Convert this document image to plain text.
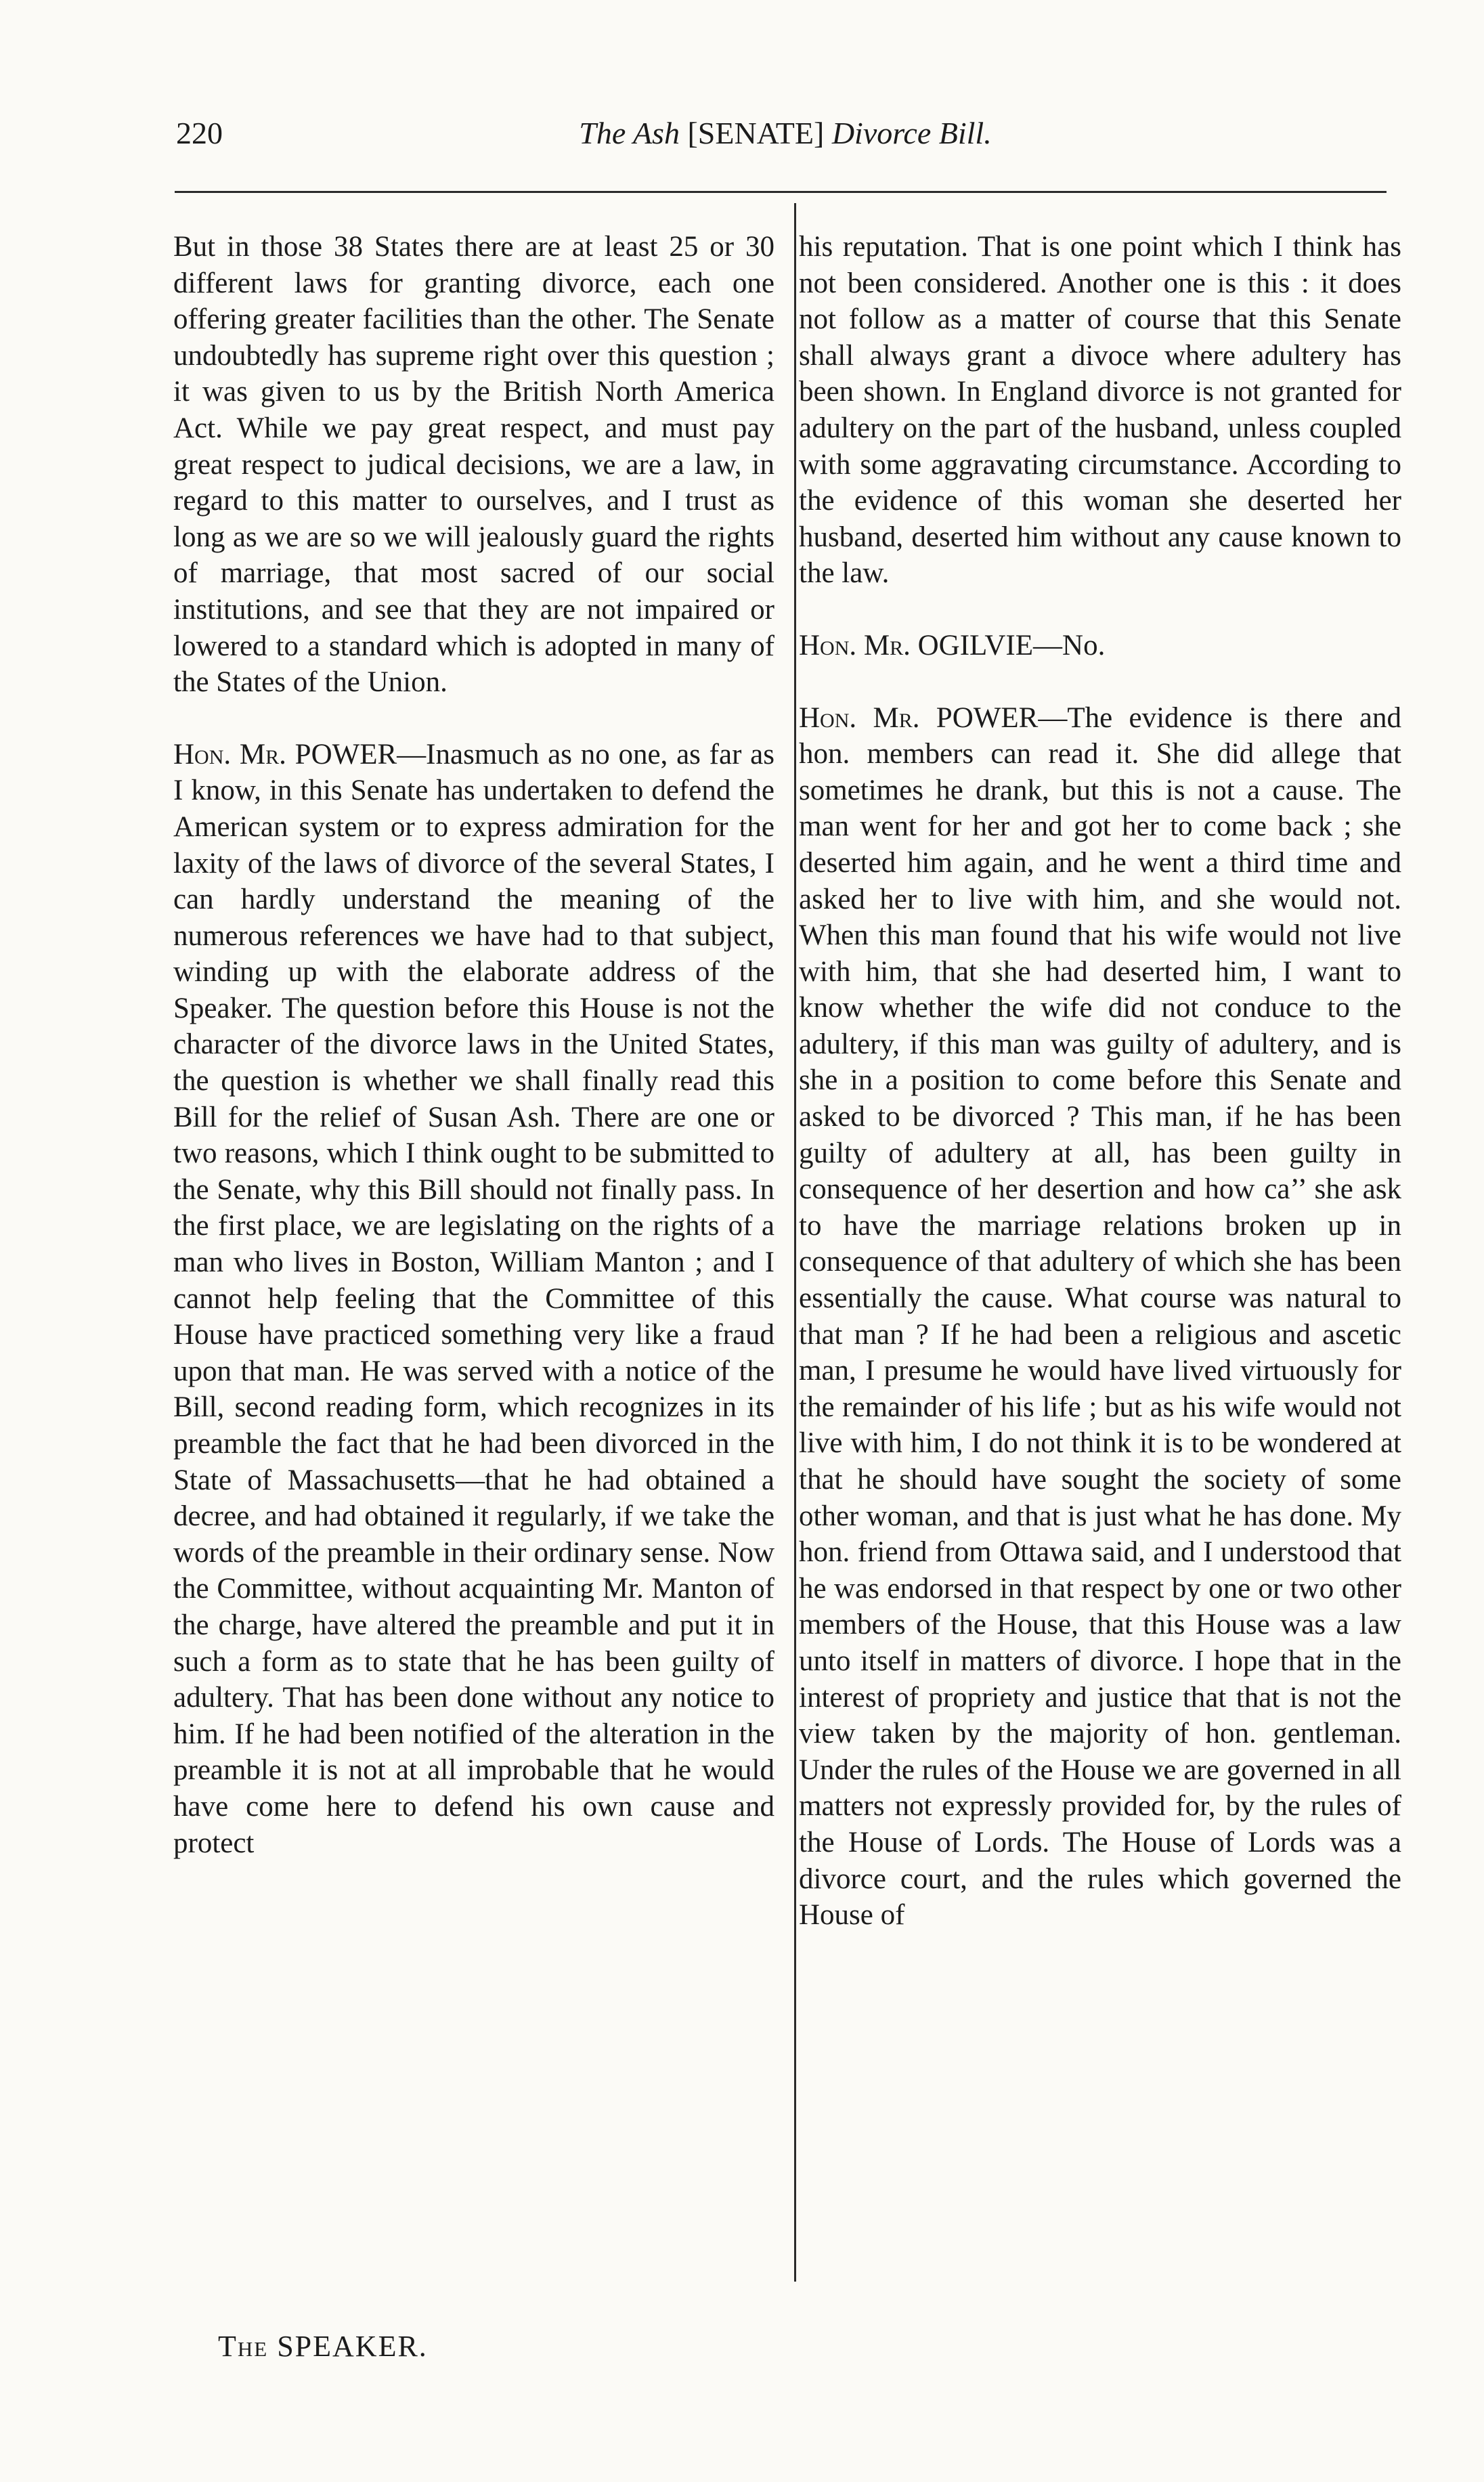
220	The Ash [SENATE] Divorce Bill.

But in those 38 States there are at least 25 or 30 different laws for granting divorce, each one offering greater facilities than the other. The Senate undoubtedly has supreme right over this question ; it was given to us by the British North America Act. While we pay great respect, and must pay great respect to judical decisions, we are a law, in regard to this matter to ourselves, and I trust as long as we are so we will jealously guard the rights of marriage, that most sacred of our social institutions, and see that they are not impaired or lowered to a standard which is adopted in many of the States of the Union.

Hon. Mr. POWER—Inasmuch as no one, as far as I know, in this Senate has undertaken to defend the American system or to express admiration for the laxity of the laws of divorce of the several States, I can hardly understand the meaning of the numerous references we have had to that subject, winding up with the elaborate address of the Speaker. The question before this House is not the character of the divorce laws in the United States, the question is whether we shall finally read this Bill for the relief of Susan Ash. There are one or two reasons, which I think ought to be submitted to the Senate, why this Bill should not finally pass. In the first place, we are legislating on the rights of a man who lives in Boston, William Manton ; and I cannot help feeling that the Committee of this House have practiced something very like a fraud upon that man. He was served with a notice of the Bill, second reading form, which recognizes in its preamble the fact that he had been divorced in the State of Massachusetts—that he had obtained a decree, and had obtained it regularly, if we take the words of the preamble in their ordinary sense. Now the Committee, without acquainting Mr. Manton of the charge, have altered the preamble and put it in such a form as to state that he has been guilty of adultery. That has been done without any notice to him. If he had been notified of the alteration in the preamble it is not at all improbable that he would have come here to defend his own cause and protect

his reputation. That is one point which I think has not been considered. Another one is this : it does not follow as a matter of course that this Senate shall always grant a divoce where adultery has been shown. In England divorce is not granted for adultery on the part of the husband, unless coupled with some aggravating circumstance. According to the evidence of this woman she deserted her husband, deserted him without any cause known to the law.

Hon. Mr. OGILVIE—No.

Hon. Mr. POWER—The evidence is there and hon. members can read it. She did allege that sometimes he drank, but this is not a cause. The man went for her and got her to come back ; she deserted him again, and he went a third time and asked her to live with him, and she would not. When this man found that his wife would not live with him, that she had deserted him, I want to know whether the wife did not conduce to the adultery, if this man was guilty of adultery, and is she in a position to come before this Senate and asked to be divorced ? This man, if he has been guilty of adultery at all, has been guilty in consequence of her desertion and how ca’’ she ask to have the marriage relations broken up in consequence of that adultery of which she has been essentially the cause. What course was natural to that man ? If he had been a religious and ascetic man, I presume he would have lived virtuously for the remainder of his life ; but as his wife would not live with him, I do not think it is to be wondered at that he should have sought the society of some other woman, and that is just what he has done. My hon. friend from Ottawa said, and I understood that he was endorsed in that respect by one or two other members of the House, that this House was a law unto itself in matters of divorce. I hope that in the interest of propriety and justice that that is not the view taken by the majority of hon. gentleman. Under the rules of the House we are governed in all matters not expressly provided for, by the rules of the House of Lords. The House of Lords was a divorce court, and the rules which governed the House of

The SPEAKER.
